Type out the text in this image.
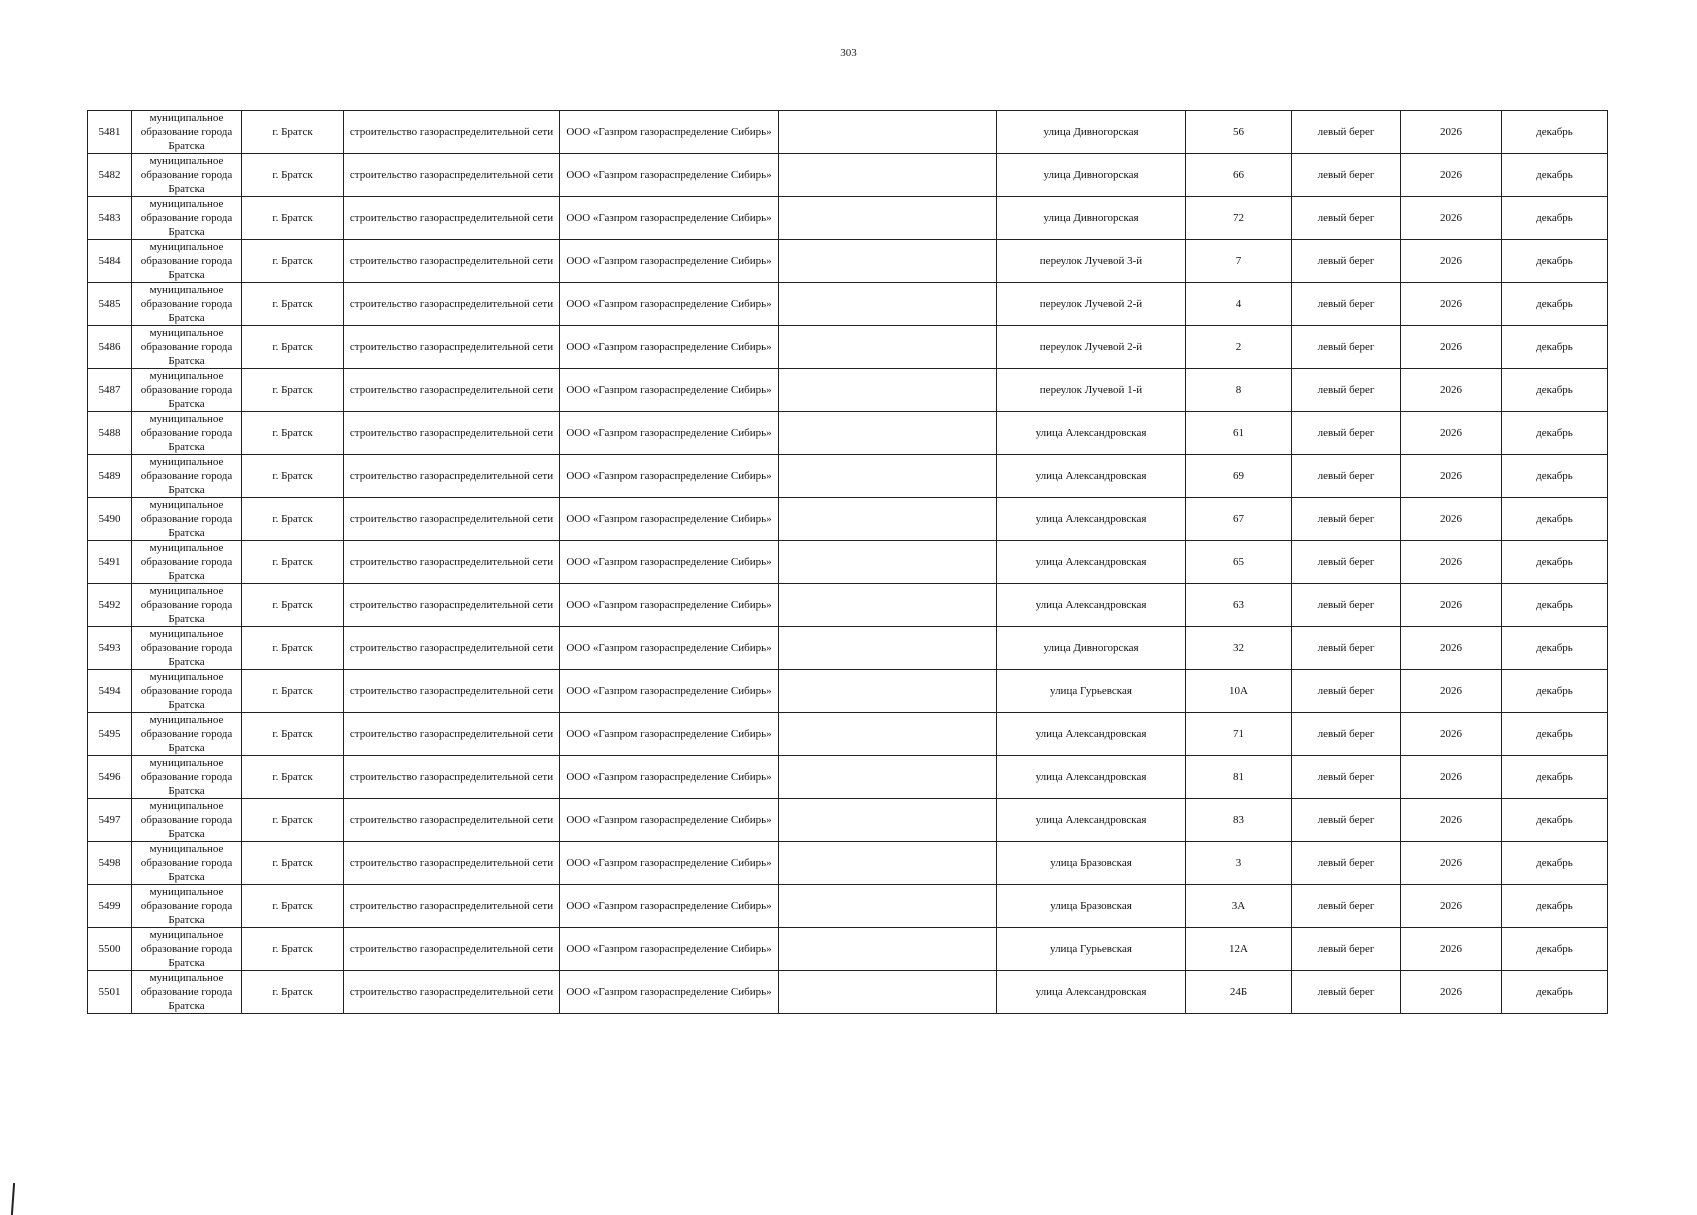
303
5481	муниципальное образование города Братска	г. Братск	строительство газораспределительной сети	ООО «Газпром газораспределение Сибирь»		улица Дивногорская	56	левый берег	2026	декабрь
5482	муниципальное образование города Братска	г. Братск	строительство газораспределительной сети	ООО «Газпром газораспределение Сибирь»		улица Дивногорская	66	левый берег	2026	декабрь
5483	муниципальное образование города Братска	г. Братск	строительство газораспределительной сети	ООО «Газпром газораспределение Сибирь»		улица Дивногорская	72	левый берег	2026	декабрь
5484	муниципальное образование города Братска	г. Братск	строительство газораспределительной сети	ООО «Газпром газораспределение Сибирь»		переулок Лучевой 3-й	7	левый берег	2026	декабрь
5485	муниципальное образование города Братска	г. Братск	строительство газораспределительной сети	ООО «Газпром газораспределение Сибирь»		переулок Лучевой 2-й	4	левый берег	2026	декабрь
5486	муниципальное образование города Братска	г. Братск	строительство газораспределительной сети	ООО «Газпром газораспределение Сибирь»		переулок Лучевой 2-й	2	левый берег	2026	декабрь
5487	муниципальное образование города Братска	г. Братск	строительство газораспределительной сети	ООО «Газпром газораспределение Сибирь»		переулок Лучевой 1-й	8	левый берег	2026	декабрь
5488	муниципальное образование города Братска	г. Братск	строительство газораспределительной сети	ООО «Газпром газораспределение Сибирь»		улица Александровская	61	левый берег	2026	декабрь
5489	муниципальное образование города Братска	г. Братск	строительство газораспределительной сети	ООО «Газпром газораспределение Сибирь»		улица Александровская	69	левый берег	2026	декабрь
5490	муниципальное образование города Братска	г. Братск	строительство газораспределительной сети	ООО «Газпром газораспределение Сибирь»		улица Александровская	67	левый берег	2026	декабрь
5491	муниципальное образование города Братска	г. Братск	строительство газораспределительной сети	ООО «Газпром газораспределение Сибирь»		улица Александровская	65	левый берег	2026	декабрь
5492	муниципальное образование города Братска	г. Братск	строительство газораспределительной сети	ООО «Газпром газораспределение Сибирь»		улица Александровская	63	левый берег	2026	декабрь
5493	муниципальное образование города Братска	г. Братск	строительство газораспределительной сети	ООО «Газпром газораспределение Сибирь»		улица Дивногорская	32	левый берег	2026	декабрь
5494	муниципальное образование города Братска	г. Братск	строительство газораспределительной сети	ООО «Газпром газораспределение Сибирь»		улица Гурьевская	10А	левый берег	2026	декабрь
5495	муниципальное образование города Братска	г. Братск	строительство газораспределительной сети	ООО «Газпром газораспределение Сибирь»		улица Александровская	71	левый берег	2026	декабрь
5496	муниципальное образование города Братска	г. Братск	строительство газораспределительной сети	ООО «Газпром газораспределение Сибирь»		улица Александровская	81	левый берег	2026	декабрь
5497	муниципальное образование города Братска	г. Братск	строительство газораспределительной сети	ООО «Газпром газораспределение Сибирь»		улица Александровская	83	левый берег	2026	декабрь
5498	муниципальное образование города Братска	г. Братск	строительство газораспределительной сети	ООО «Газпром газораспределение Сибирь»		улица Бразовская	3	левый берег	2026	декабрь
5499	муниципальное образование города Братска	г. Братск	строительство газораспределительной сети	ООО «Газпром газораспределение Сибирь»		улица Бразовская	3А	левый берег	2026	декабрь
5500	муниципальное образование города Братска	г. Братск	строительство газораспределительной сети	ООО «Газпром газораспределение Сибирь»		улица Гурьевская	12А	левый берег	2026	декабрь
5501	муниципальное образование города Братска	г. Братск	строительство газораспределительной сети	ООО «Газпром газораспределение Сибирь»		улица Александровская	24Б	левый берег	2026	декабрь
